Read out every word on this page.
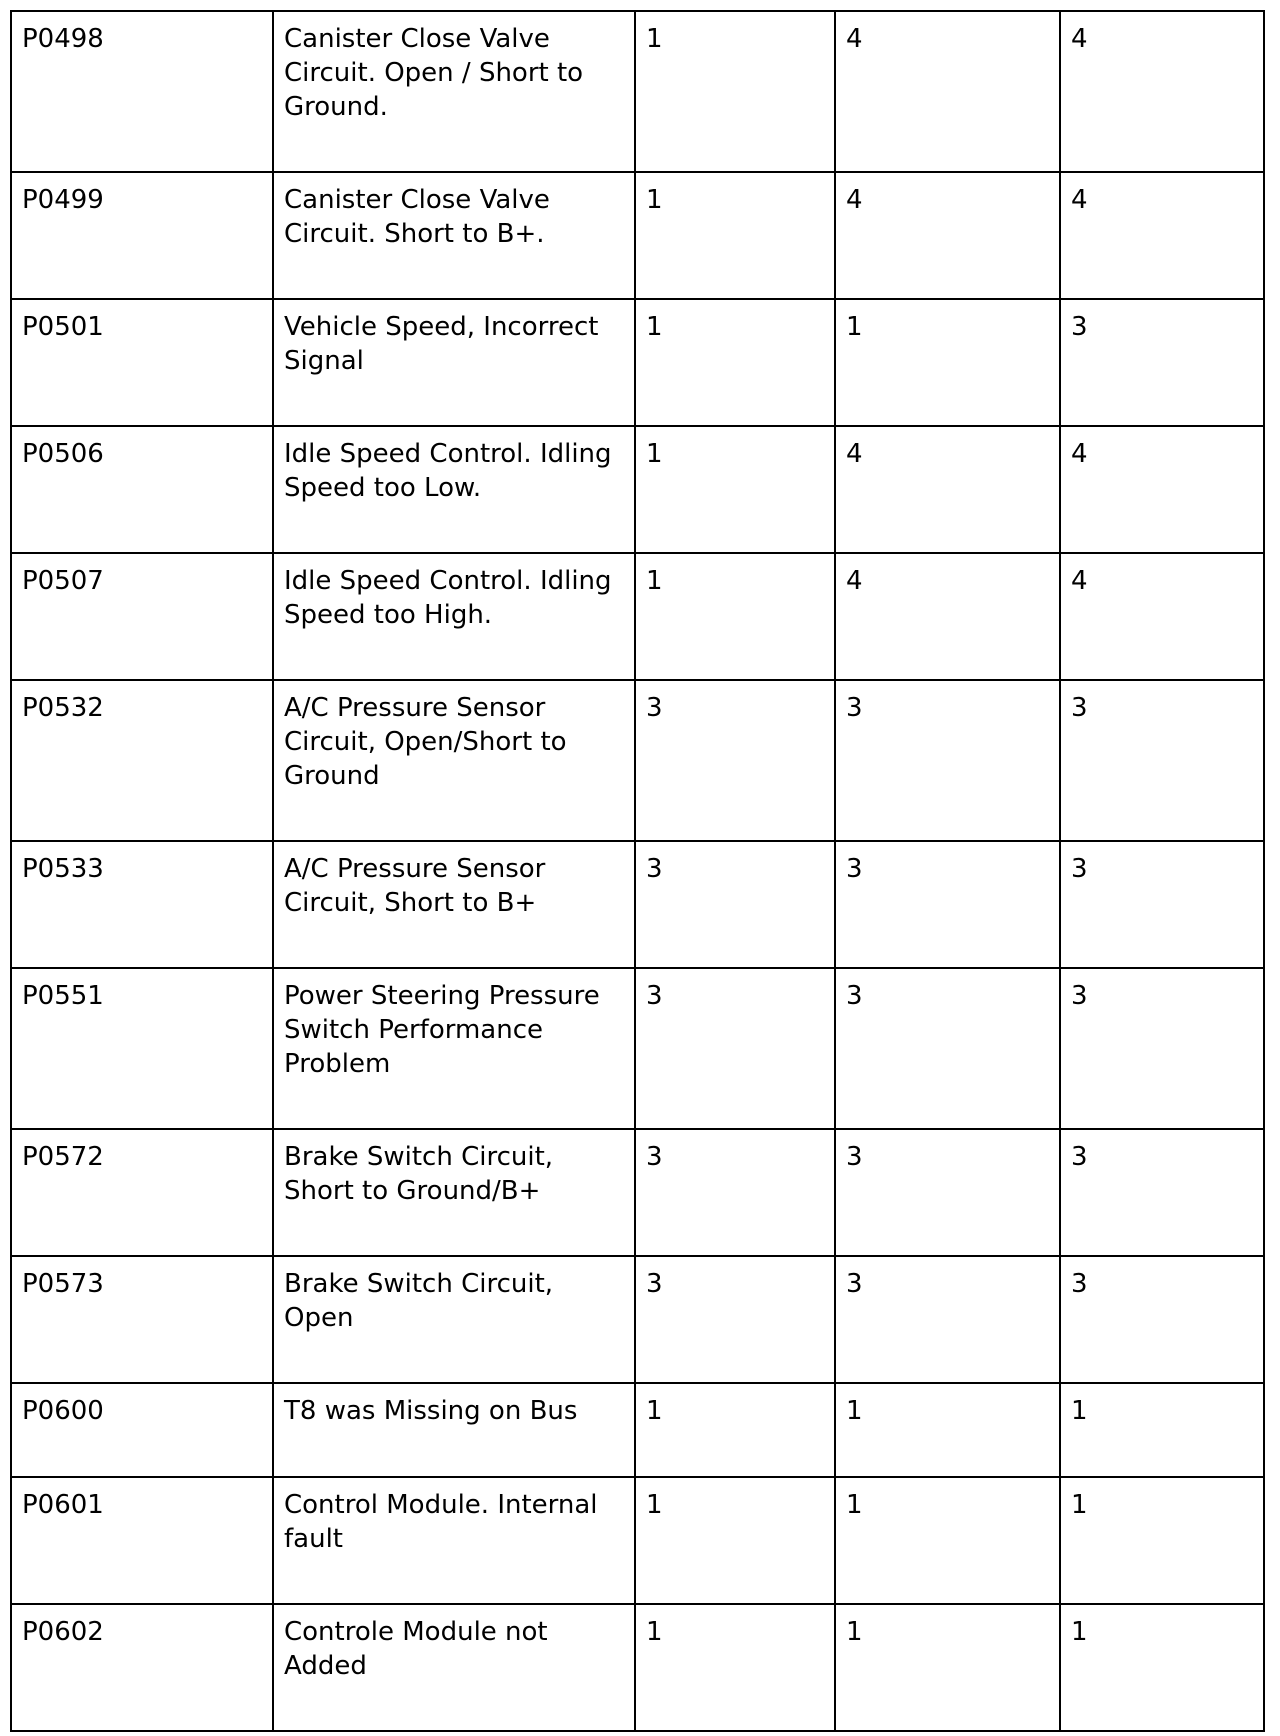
P0498	Canister Close Valve Circuit. Open / Short to Ground.	1	4	4
P0499	Canister Close Valve Circuit. Short to B+.	1	4	4
P0501	Vehicle Speed, Incorrect Signal	1	1	3
P0506	Idle Speed Control. Idling Speed too Low.	1	4	4
P0507	Idle Speed Control. Idling Speed too High.	1	4	4
P0532	A/C Pressure Sensor Circuit, Open/Short to Ground	3	3	3
P0533	A/C Pressure Sensor Circuit, Short to B+	3	3	3
P0551	Power Steering Pressure Switch Performance Problem	3	3	3
P0572	Brake Switch Circuit, Short to Ground/B+	3	3	3
P0573	Brake Switch Circuit, Open	3	3	3
P0600	T8 was Missing on Bus	1	1	1
P0601	Control Module. Internal fault	1	1	1
P0602	Controle Module not Added	1	1	1
